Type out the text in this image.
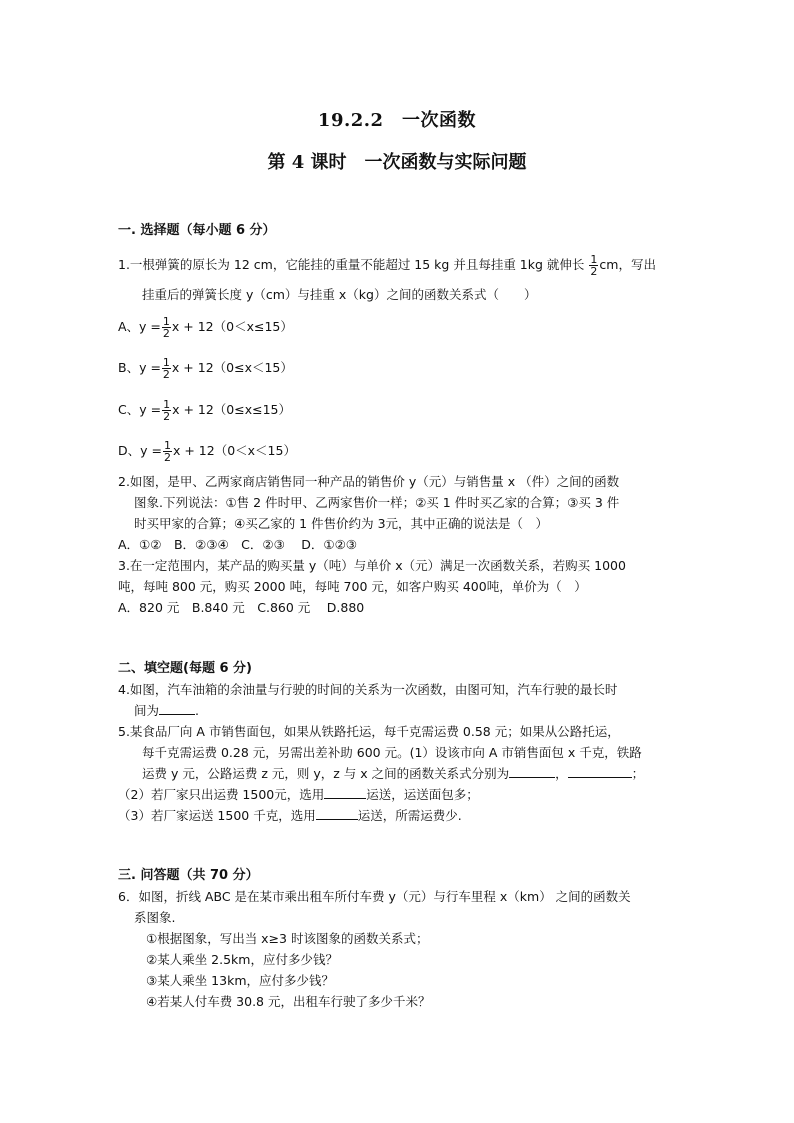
19.2.2　一次函数
第 4 课时　一次函数与实际问题
一. 选择题（每小题 6 分）
1.一根弹簧的原长为 12 cm，它能挂的重量不能超过 15 kg 并且每挂重 1kg 就伸长 $\frac{1}{2}$ cm，写出
挂重后的弹簧长度 y（cm）与挂重 x（kg）之间的函数关系式（　　）
A、$y = \frac{1}{2}$ x + 12（0＜x≤15）
B、$y = \frac{1}{2}$ x + 12（0≤x＜15）
C、$y = \frac{1}{2}$ x + 12（0≤x≤15）
D、$y = \frac{1}{2}$ x + 12（0＜x＜15）
2.如图，是甲、乙两家商店销售同一种产品的销售价 y（元）与销售量 x （件）之间的函数
图象.下列说法：①售 2 件时甲、乙两家售价一样；②买 1 件时买乙家的合算；③买 3 件
时买甲家的合算；④买乙家的 1 件售价约为 3元，其中正确的说法是（　）
A．①②　B．②③④　C．②③　 D．①②③
3.在一定范围内，某产品的购买量 y（吨）与单价 x（元）满足一次函数关系，若购买 1000
吨，每吨 800 元，购买 2000 吨，每吨 700 元，如客户购买 400吨，单价为（　）
A．820 元　B.840 元　C.860 元　 D.880
二、填空题(每题 6 分)
4.如图，汽车油箱的余油量与行驶的时间的关系为一次函数，由图可知，汽车行驶的最长时
间为	.
5.某食品厂向 A 市销售面包，如果从铁路托运，每千克需运费 0.58 元；如果从公路托运，
每千克需运费 0.28 元，另需出差补助 600 元。(1）设该市向 A 市销售面包 x 千克，铁路
运费 y 元，公路运费 z 元，则 y，z 与 x 之间的函数关系式分别为	，	；
（2）若厂家只出运费 1500元，选用	运送，运送面包多；
（3）若厂家运送 1500 千克，选用	运送，所需运费少.
三. 问答题（共 70 分）
6．如图，折线 ABC 是在某市乘出租车所付车费 y（元）与行车里程 x（km） 之间的函数关
系图象.
①根据图象，写出当 x≥3 时该图象的函数关系式；
②某人乘坐 2.5km，应付多少钱？
③某人乘坐 13km，应付多少钱？
④若某人付车费 30.8 元，出租车行驶了多少千米？
